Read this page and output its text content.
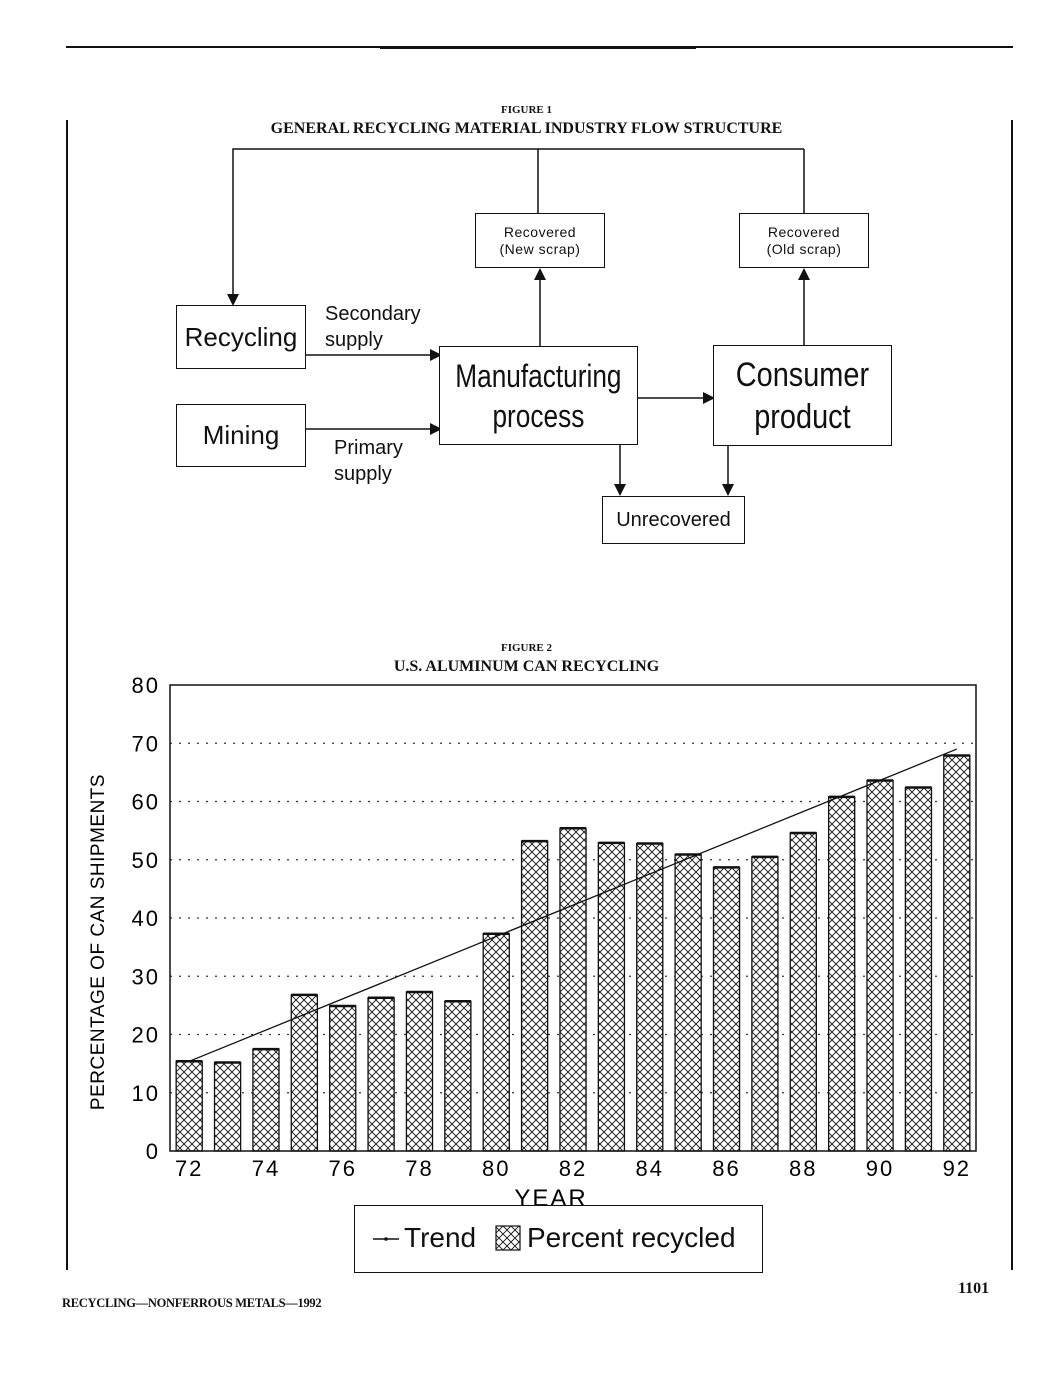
FIGURE 1
GENERAL RECYCLING MATERIAL INDUSTRY FLOW STRUCTURE
Recovered
(New scrap)
Recovered
(Old scrap)
Recycling
Mining
Manufacturing process
Consumer product
Unrecovered
Secondary
supply
Primary
supply
FIGURE 2
U.S. ALUMINUM CAN RECYCLING
0
10
20
30
40
50
60
70
80
72 74 76 78 80 82 84 86 88 90 92
PERCENTAGE OF CAN SHIPMENTS
YEAR
Trend Percent recycled
RECYCLING—NONFERROUS METALS—1992
1101
